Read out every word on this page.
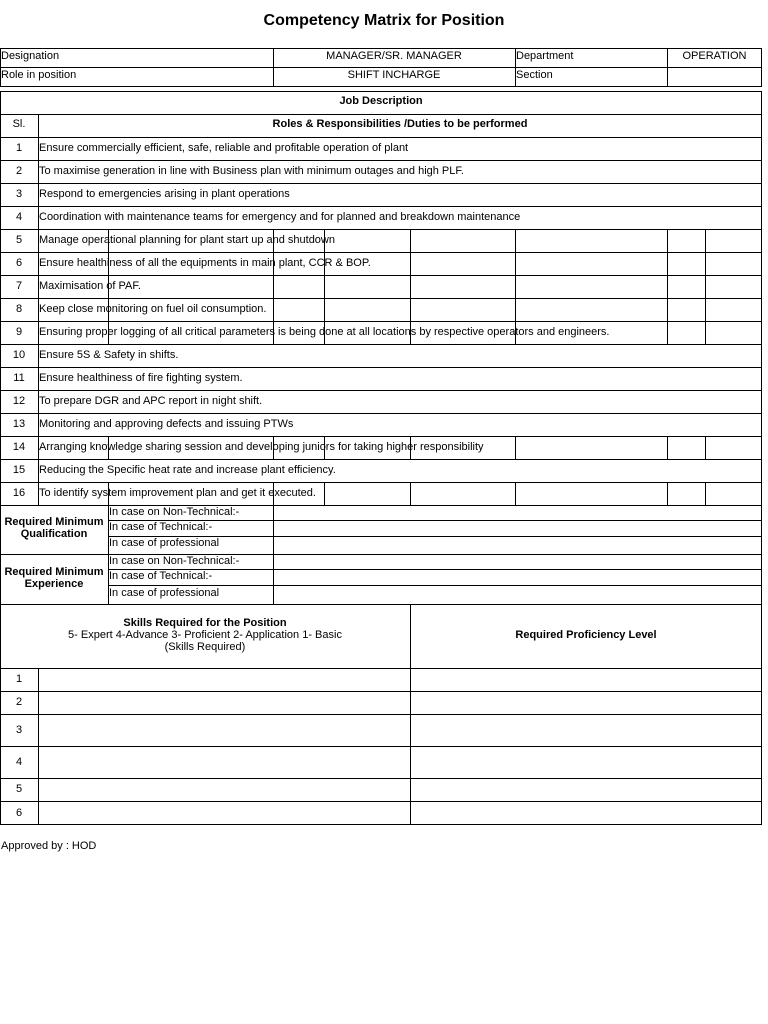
Competency Matrix for Position
Designation	MANAGER/SR. MANAGER	Department	OPERATION
Role in position	SHIFT INCHARGE	Section
Job Description
Sl.	Roles & Responsibilities /Duties to be performed
1	Ensure commercially efficient, safe, reliable and profitable operation of plant
2	To maximise generation in line with Business plan with minimum outages and high PLF.
3	Respond to emergencies arising in plant operations
4	Coordination with maintenance teams for emergency and for planned and breakdown maintenance
5	Manage operational planning for plant start up and shutdown
6	Ensure healthiness of all the equipments in main plant, CCR & BOP.
7	Maximisation of PAF.
8	Keep close monitoring on fuel oil consumption.
9	Ensuring proper logging of all critical parameters is being done at all locations by respective operators and engineers.
10	Ensure 5S & Safety in shifts.
11	Ensure healthiness of fire fighting system.
12	To prepare DGR and APC report in night shift.
13	Monitoring and approving defects and issuing PTWs
14	Arranging knowledge sharing session and developing juniors for taking higher responsibility
15	Reducing the Specific heat rate and increase plant efficiency.
16	To identify system improvement plan and get it executed.
Required Minimum
Qualification
In case on Non-Technical:-
In case of Technical:-
In case of professional
Required Minimum
Experience
In case on Non-Technical:-
In case of Technical:-
In case of professional
Skills Required for the Position
5- Expert 4-Advance 3- Proficient 2- Application 1- Basic
(Skills Required)
Required Proficiency Level
1
2
3
4
5
6
Approved by : HOD
